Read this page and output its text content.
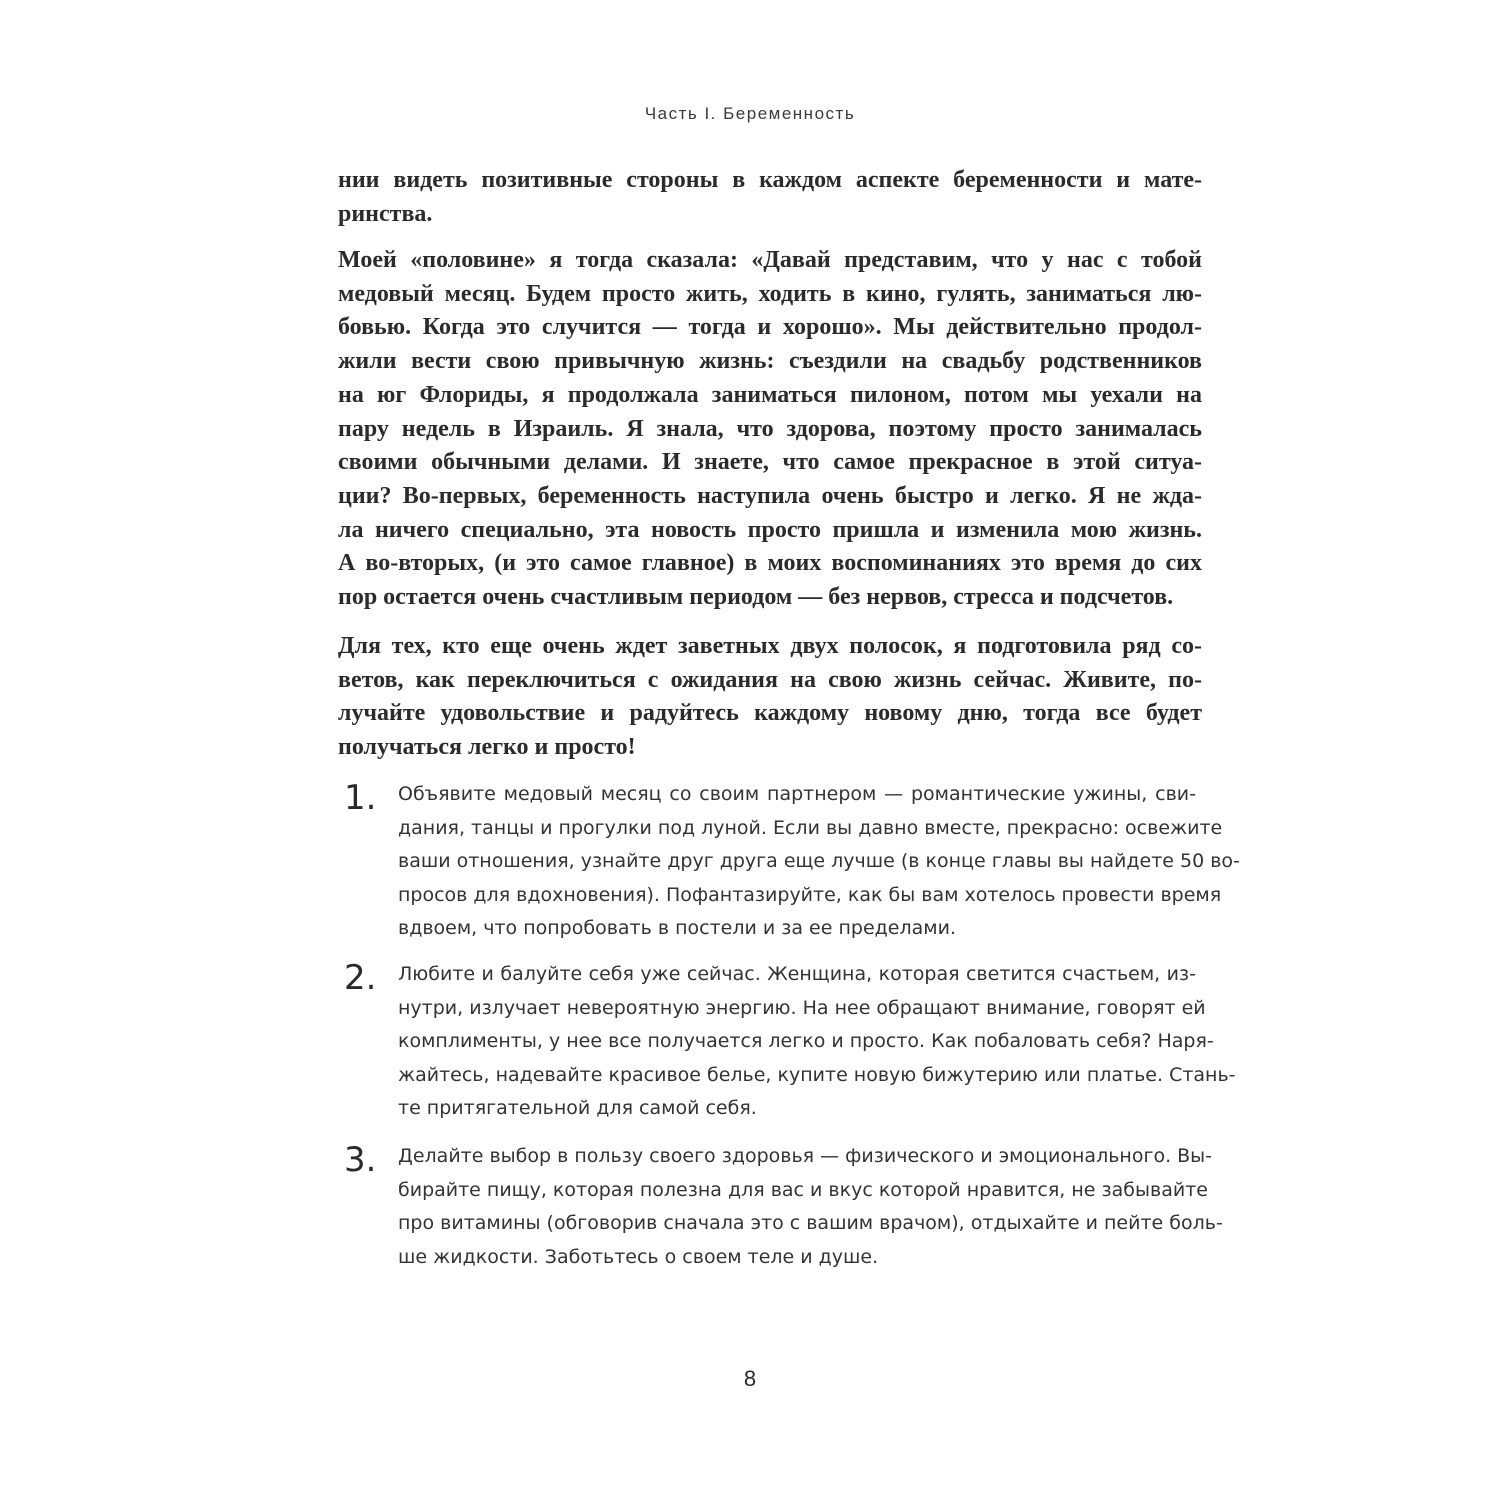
Часть I. Беременность

нии видеть позитивные стороны в каждом аспекте беременности и мате-
ринства.

Моей «половине» я тогда сказала: «Давай представим, что у нас с тобой
медовый месяц. Будем просто жить, ходить в кино, гулять, заниматься лю-
бовью. Когда это случится — тогда и хорошо». Мы действительно продол-
жили вести свою привычную жизнь: съездили на свадьбу родственников
на юг Флориды, я продолжала заниматься пилоном, потом мы уехали на
пару недель в Израиль. Я знала, что здорова, поэтому просто занималась
своими обычными делами. И знаете, что самое прекрасное в этой ситуа-
ции? Во-первых, беременность наступила очень быстро и легко. Я не жда-
ла ничего специально, эта новость просто пришла и изменила мою жизнь.
А во-вторых, (и это самое главное) в моих воспоминаниях это время до сих
пор остается очень счастливым периодом — без нервов, стресса и подсчетов.

Для тех, кто еще очень ждет заветных двух полосок, я подготовила ряд со-
ветов, как переключиться с ожидания на свою жизнь сейчас. Живите, по-
лучайте удовольствие и радуйтесь каждому новому дню, тогда все будет
получаться легко и просто!

1. Объявите медовый месяц со своим партнером — романтические ужины, сви-
дания, танцы и прогулки под луной. Если вы давно вместе, прекрасно: освежите
ваши отношения, узнайте друг друга еще лучше (в конце главы вы найдете 50 во-
просов для вдохновения). Пофантазируйте, как бы вам хотелось провести время
вдвоем, что попробовать в постели и за ее пределами.

2. Любите и балуйте себя уже сейчас. Женщина, которая светится счастьем, из-
нутри, излучает невероятную энергию. На нее обращают внимание, говорят ей
комплименты, у нее все получается легко и просто. Как побаловать себя? Наря-
жайтесь, надевайте красивое белье, купите новую бижутерию или платье. Стань-
те притягательной для самой себя.

3. Делайте выбор в пользу своего здоровья — физического и эмоционального. Вы-
бирайте пищу, которая полезна для вас и вкус которой нравится, не забывайте
про витамины (обговорив сначала это с вашим врачом), отдыхайте и пейте боль-
ше жидкости. Заботьтесь о своем теле и душе.

8
